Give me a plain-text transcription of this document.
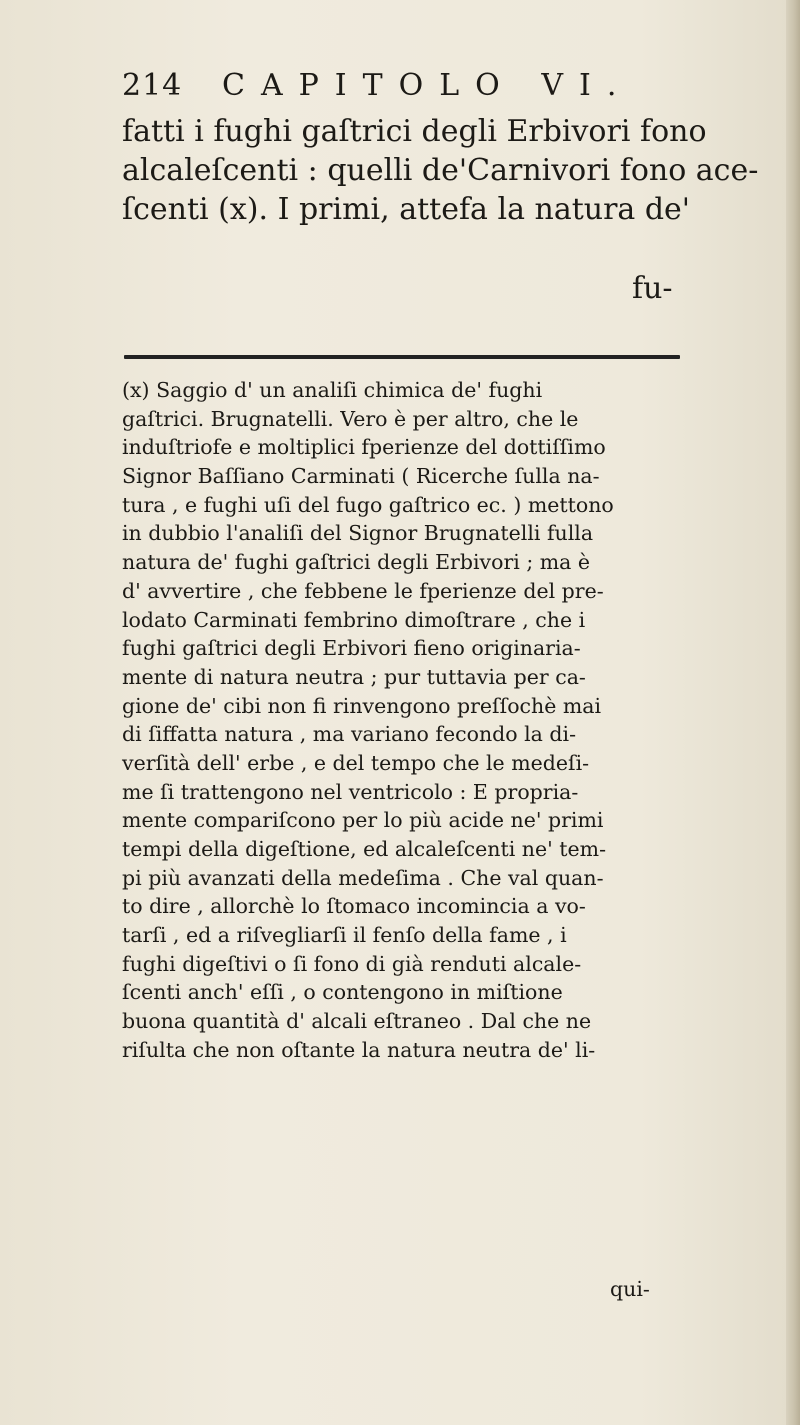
214 CAPITOLO VI.
fatti i fughi gaſtrici degli Erbivori fono
alcaleſcenti : quelli de'Carnivori fono ace-
ſcenti (x). I primi, attefa la natura de'
fu-
(x) Saggio d' un analiſi chimica de' fughi
gaſtrici. Brugnatelli. Vero è per altro, che le
induſtriofe e moltiplici fperienze del dottiſſimo
Signor Baſſiano Carminati ( Ricerche ſulla na-
tura , e fughi uſi del fugo gaſtrico ec. ) mettono
in dubbio l'analiſi del Signor Brugnatelli fulla
natura de' fughi gaſtrici degli Erbivori ; ma è
d' avvertire , che febbene le fperienze del pre-
lodato Carminati fembrino dimoſtrare , che i
fughi gaſtrici degli Erbivori fieno originaria-
mente di natura neutra ; pur tuttavia per ca-
gione de' cibi non fi rinvengono preſſochè mai
di ſiffatta natura , ma variano fecondo la di-
verſità dell' erbe , e del tempo che le medeſi-
me ſi trattengono nel ventricolo : E propria-
mente compariſcono per lo più acide ne' primi
tempi della digeſtione, ed alcaleſcenti ne' tem-
pi più avanzati della medeſima . Che val quan-
to dire , allorchè lo ſtomaco incomincia a vo-
tarſi , ed a riſvegliarſi il fenſo della fame , i
fughi digeſtivi o ſi fono di già renduti alcale-
ſcenti anch' eſſi , o contengono in miſtione
buona quantità d' alcali eſtraneo . Dal che ne
riſulta che non oſtante la natura neutra de' li-
qui-
